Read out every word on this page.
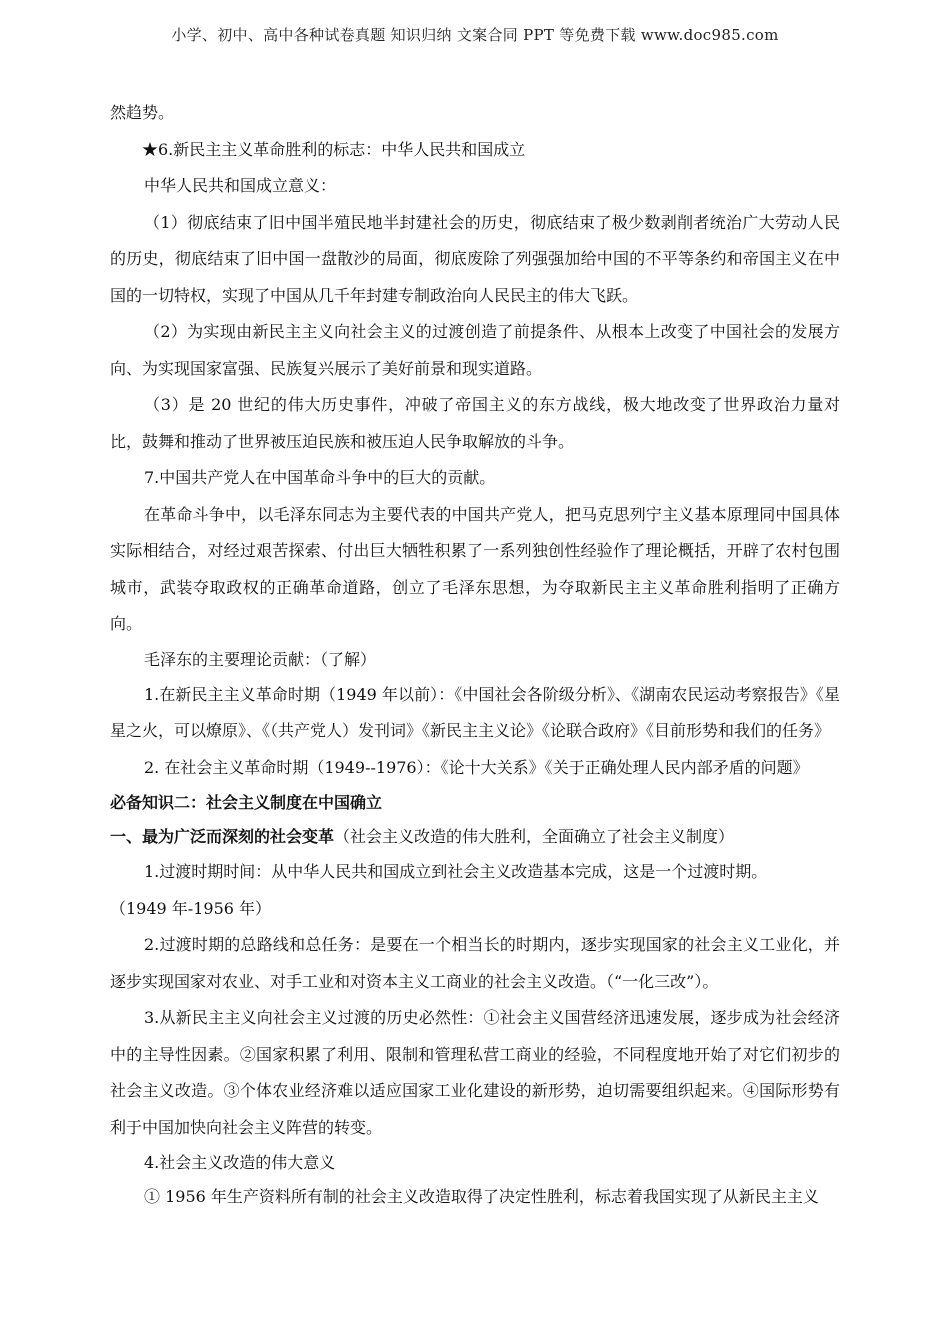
小学、初中、高中各种试卷真题 知识归纳 文案合同 PPT 等免费下载 www.doc985.com

然趋势。

★6.新民主主义革命胜利的标志：中华人民共和国成立

中华人民共和国成立意义：

（1）彻底结束了旧中国半殖民地半封建社会的历史，彻底结束了极少数剥削者统治广大劳动人民的历史，彻底结束了旧中国一盘散沙的局面，彻底废除了列强强加给中国的不平等条约和帝国主义在中国的一切特权，实现了中国从几千年封建专制政治向人民民主的伟大飞跃。

（2）为实现由新民主主义向社会主义的过渡创造了前提条件、从根本上改变了中国社会的发展方向、为实现国家富强、民族复兴展示了美好前景和现实道路。

（3）是 20 世纪的伟大历史事件，冲破了帝国主义的东方战线，极大地改变了世界政治力量对比，鼓舞和推动了世界被压迫民族和被压迫人民争取解放的斗争。

7.中国共产党人在中国革命斗争中的巨大的贡献。

在革命斗争中，以毛泽东同志为主要代表的中国共产党人，把马克思列宁主义基本原理同中国具体实际相结合，对经过艰苦探索、付出巨大牺牲积累了一系列独创性经验作了理论概括，开辟了农村包围城市，武装夺取政权的正确革命道路，创立了毛泽东思想，为夺取新民主主义革命胜利指明了正确方向。

毛泽东的主要理论贡献：（了解）

1.在新民主主义革命时期（1949 年以前）：《中国社会各阶级分析》、《湖南农民运动考察报告》《星星之火，可以燎原》、《（共产党人）发刊词》《新民主主义论》《论联合政府》《目前形势和我们的任务》

2. 在社会主义革命时期（1949--1976）：《论十大关系》《关于正确处理人民内部矛盾的问题》

必备知识二：社会主义制度在中国确立

一、最为广泛而深刻的社会变革（社会主义改造的伟大胜利，全面确立了社会主义制度）

1.过渡时期时间：从中华人民共和国成立到社会主义改造基本完成，这是一个过渡时期。

（1949 年-1956 年）

2.过渡时期的总路线和总任务：是要在一个相当长的时期内，逐步实现国家的社会主义工业化，并逐步实现国家对农业、对手工业和对资本主义工商业的社会主义改造。（“一化三改”）。

3.从新民主主义向社会主义过渡的历史必然性：①社会主义国营经济迅速发展，逐步成为社会经济中的主导性因素。②国家积累了利用、限制和管理私营工商业的经验，不同程度地开始了对它们初步的社会主义改造。③个体农业经济难以适应国家工业化建设的新形势，迫切需要组织起来。④国际形势有利于中国加快向社会主义阵营的转变。

4.社会主义改造的伟大意义

① 1956 年生产资料所有制的社会主义改造取得了决定性胜利，标志着我国实现了从新民主主义
